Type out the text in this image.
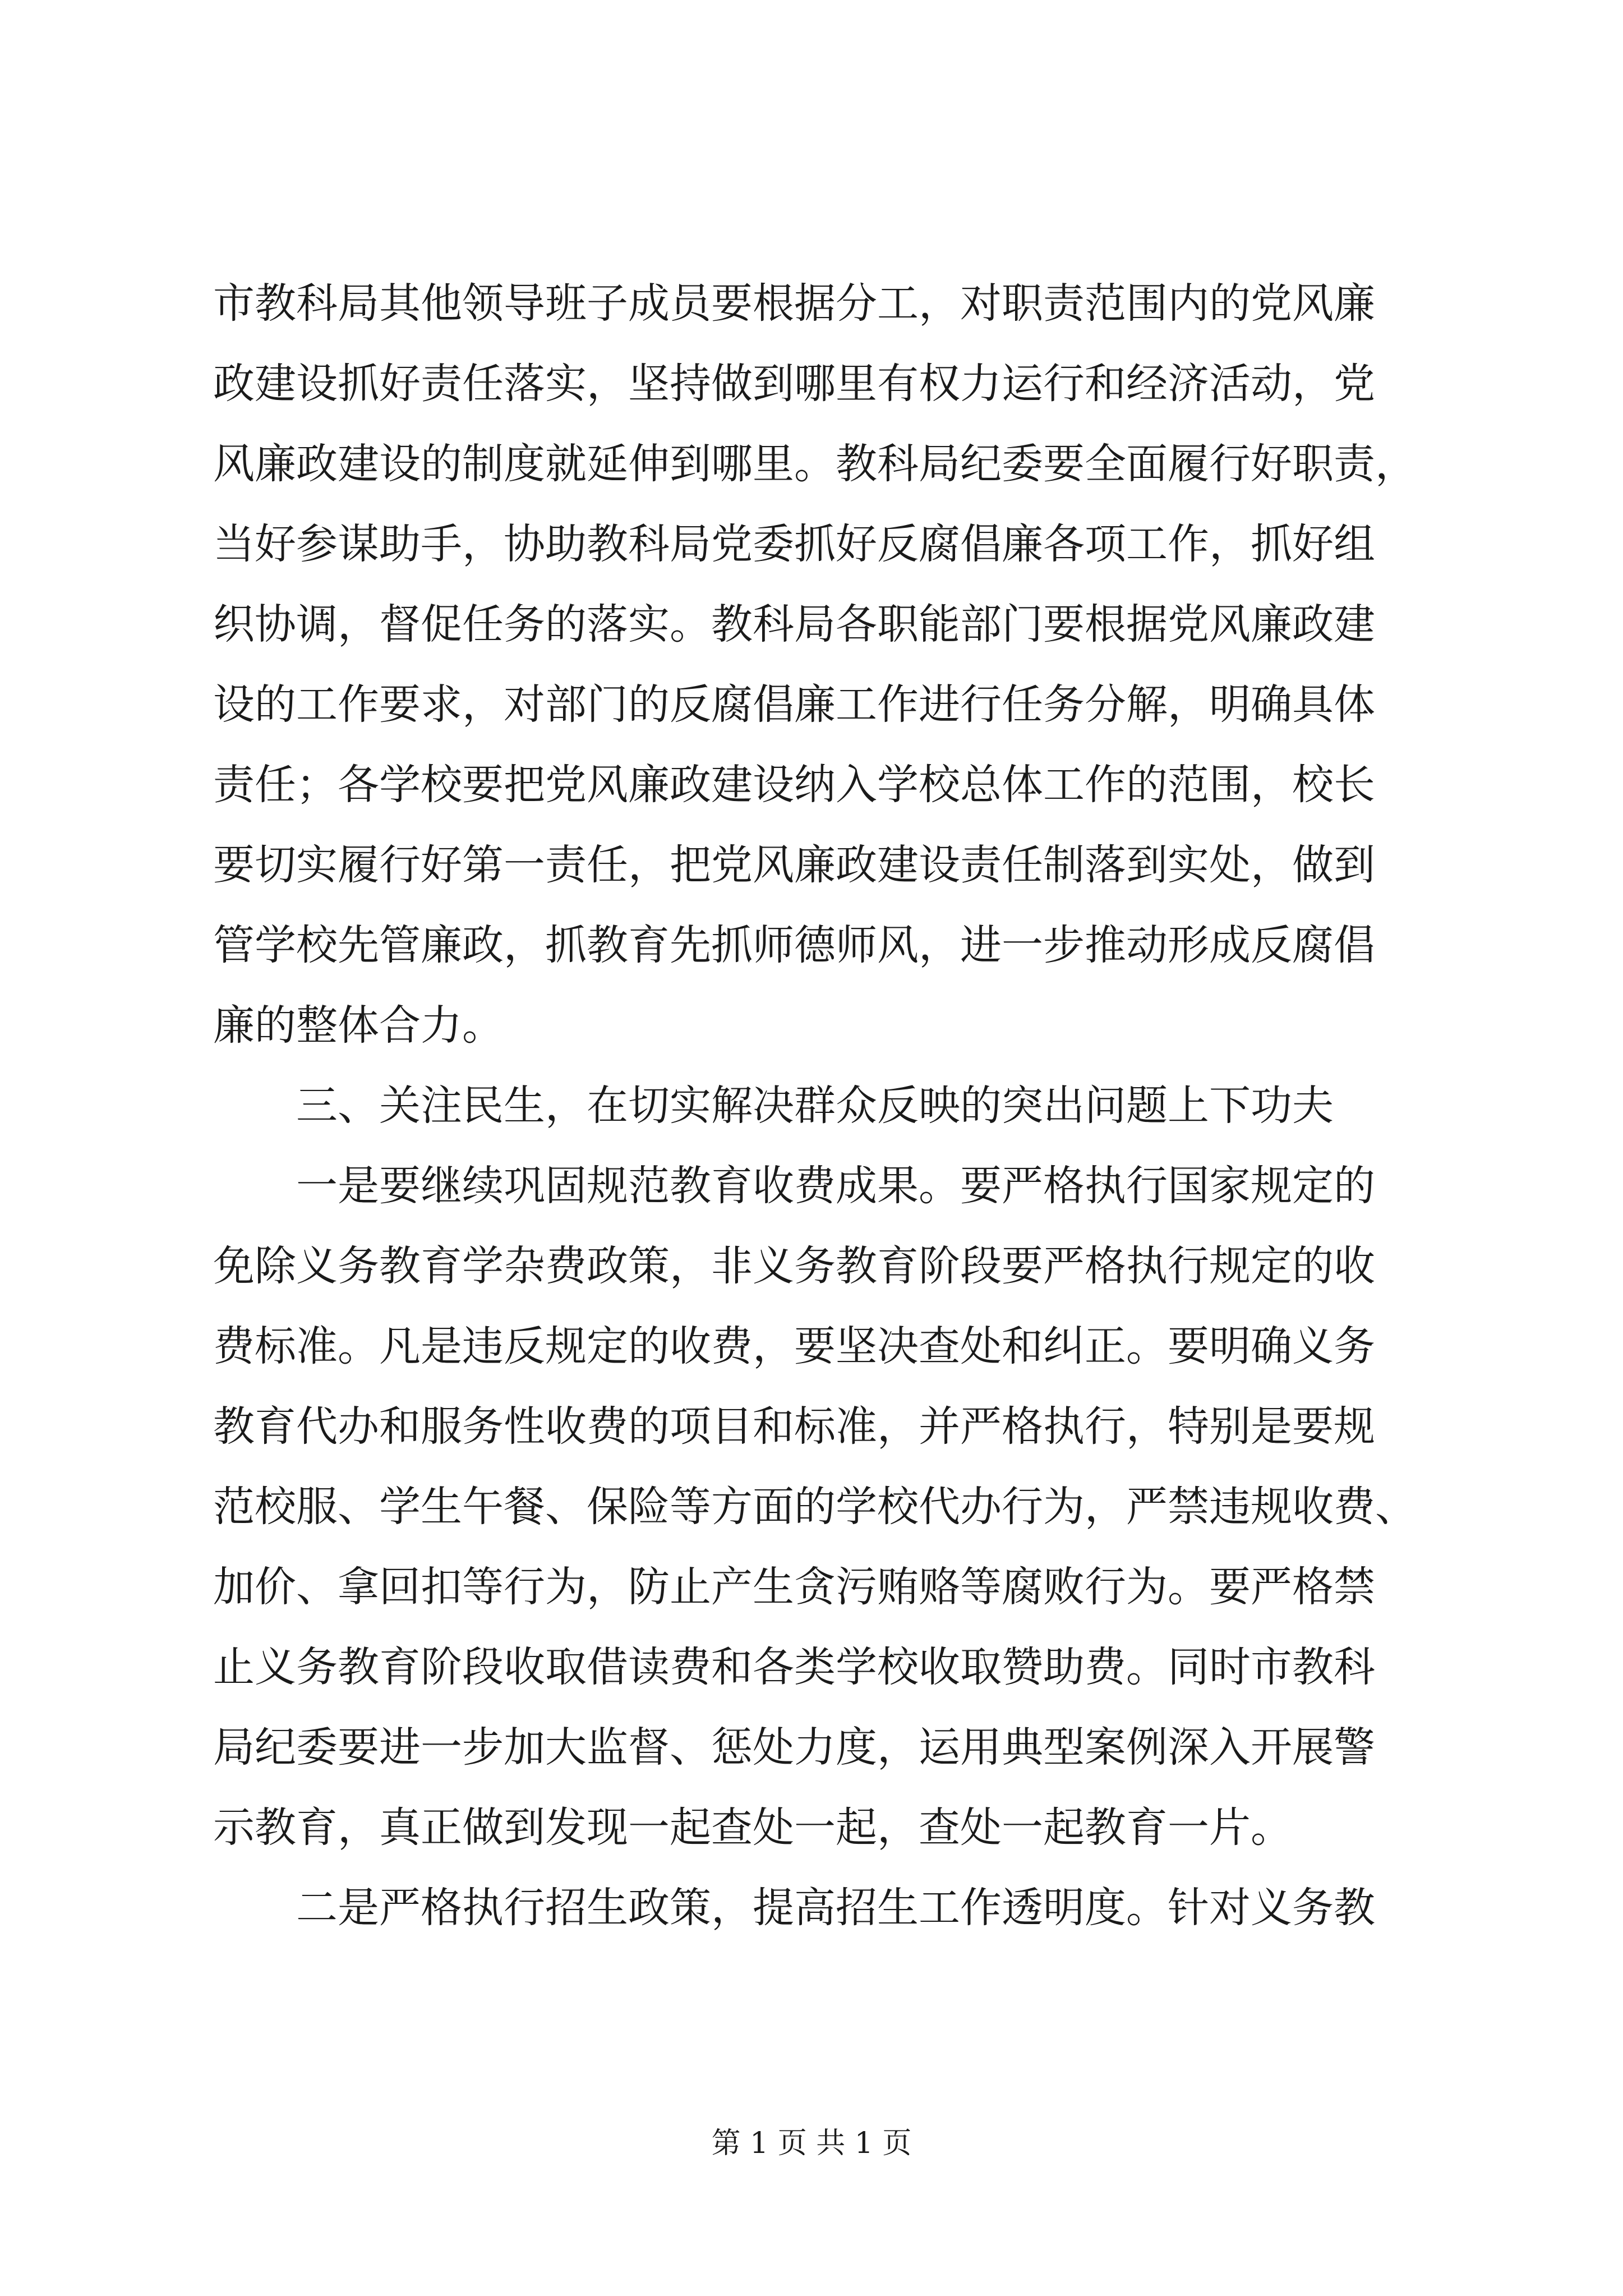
市教科局其他领导班子成员要根据分工，对职责范围内的党风廉
政建设抓好责任落实，坚持做到哪里有权力运行和经济活动，党
风廉政建设的制度就延伸到哪里。教科局纪委要全面履行好职责，
当好参谋助手，协助教科局党委抓好反腐倡廉各项工作，抓好组
织协调，督促任务的落实。教科局各职能部门要根据党风廉政建
设的工作要求，对部门的反腐倡廉工作进行任务分解，明确具体
责任；各学校要把党风廉政建设纳入学校总体工作的范围，校长
要切实履行好第一责任，把党风廉政建设责任制落到实处，做到
管学校先管廉政，抓教育先抓师德师风，进一步推动形成反腐倡
廉的整体合力。
　　三、关注民生，在切实解决群众反映的突出问题上下功夫
　　一是要继续巩固规范教育收费成果。要严格执行国家规定的
免除义务教育学杂费政策，非义务教育阶段要严格执行规定的收
费标准。凡是违反规定的收费，要坚决查处和纠正。要明确义务
教育代办和服务性收费的项目和标准，并严格执行，特别是要规
范校服、学生午餐、保险等方面的学校代办行为，严禁违规收费、
加价、拿回扣等行为，防止产生贪污贿赂等腐败行为。要严格禁
止义务教育阶段收取借读费和各类学校收取赞助费。同时市教科
局纪委要进一步加大监督、惩处力度，运用典型案例深入开展警
示教育，真正做到发现一起查处一起，查处一起教育一片。
　　二是严格执行招生政策，提高招生工作透明度。针对义务教
第 1 页 共 1 页
